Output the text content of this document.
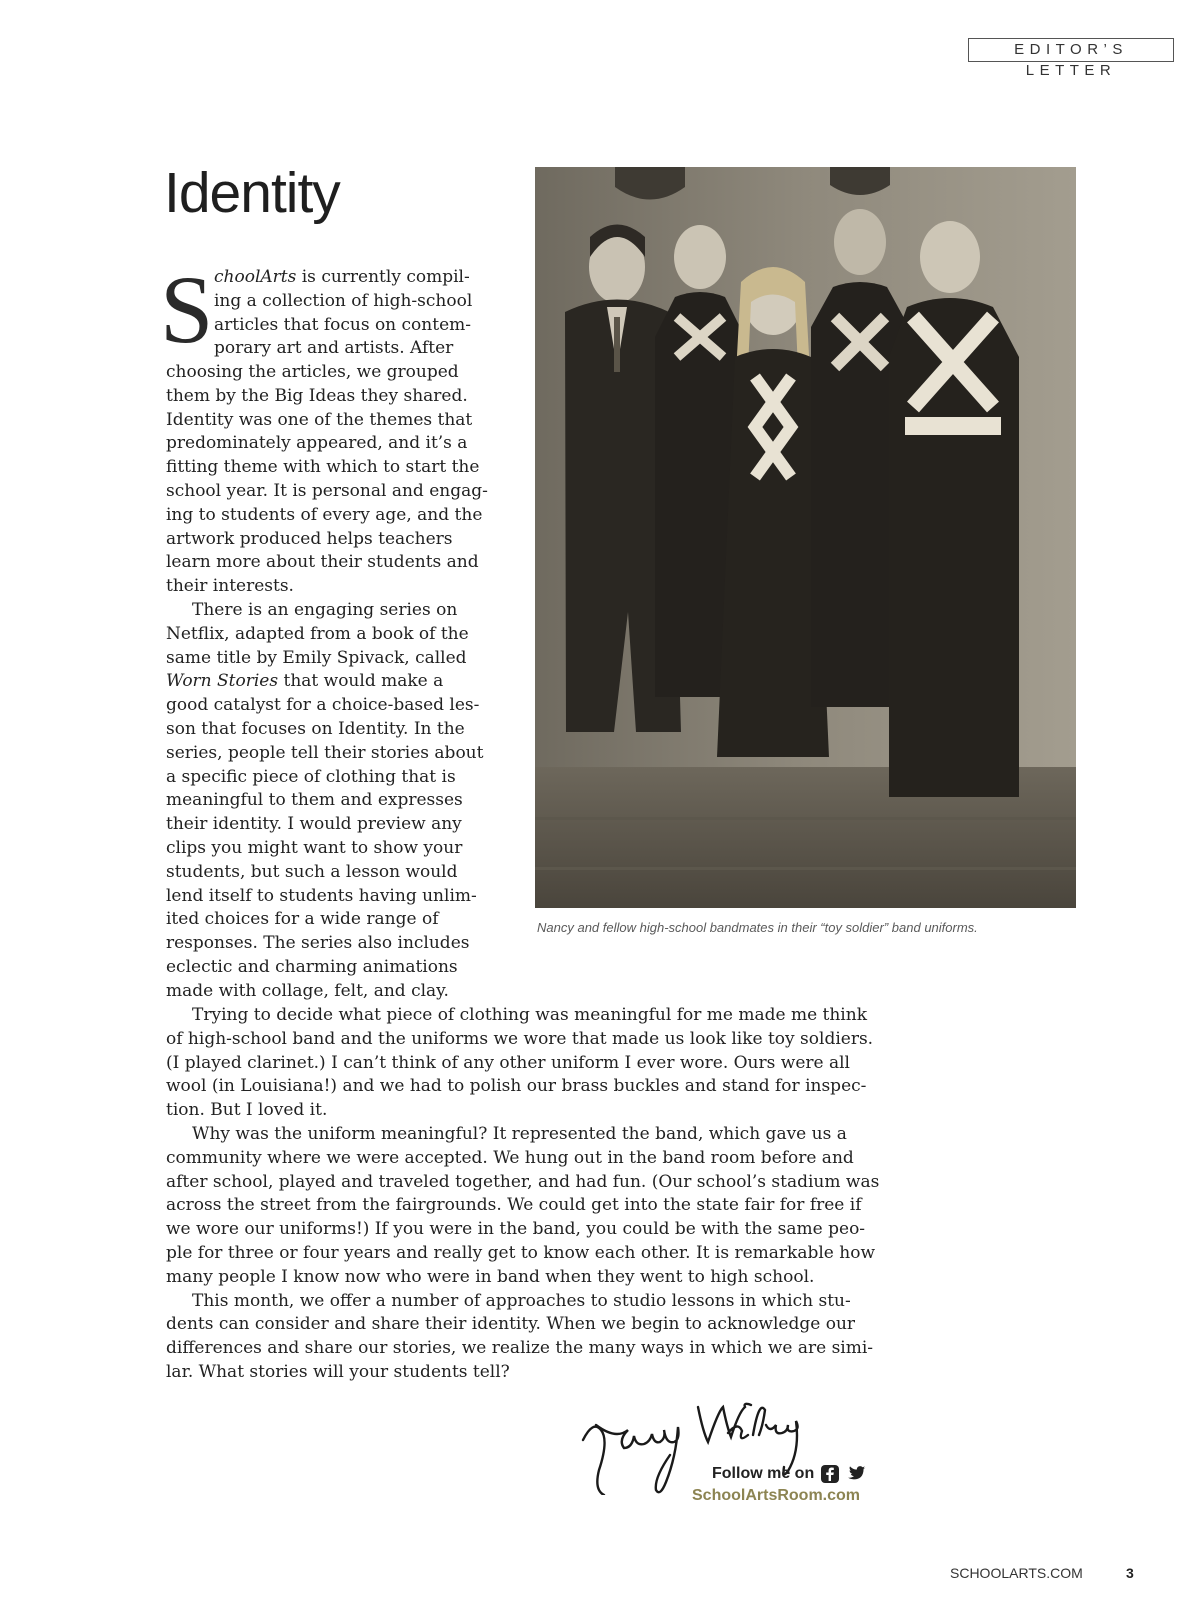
EDITOR’S LETTER
Identity
S choolArts is currently compil-
ing a collection of high-school
articles that focus on contem-
porary art and artists. After
choosing the articles, we grouped
them by the Big Ideas they shared.
Identity was one of the themes that
predominately appeared, and it’s a
fitting theme with which to start the
school year. It is personal and engag-
ing to students of every age, and the
artwork produced helps teachers
learn more about their students and
their interests.
There is an engaging series on
Netflix, adapted from a book of the
same title by Emily Spivack, called
Worn Stories that would make a
good catalyst for a choice-based les-
son that focuses on Identity. In the
series, people tell their stories about
a specific piece of clothing that is
meaningful to them and expresses
their identity. I would preview any
clips you might want to show your
students, but such a lesson would
lend itself to students having unlim-
ited choices for a wide range of
responses. The series also includes
eclectic and charming animations
made with collage, felt, and clay.
Trying to decide what piece of clothing was meaningful for me made me think
of high-school band and the uniforms we wore that made us look like toy soldiers.
(I played clarinet.) I can’t think of any other uniform I ever wore. Ours were all
wool (in Louisiana!) and we had to polish our brass buckles and stand for inspec-
tion. But I loved it.
Why was the uniform meaningful? It represented the band, which gave us a
community where we were accepted. We hung out in the band room before and
after school, played and traveled together, and had fun. (Our school’s stadium was
across the street from the fairgrounds. We could get into the state fair for free if
we wore our uniforms!) If you were in the band, you could be with the same peo-
ple for three or four years and really get to know each other. It is remarkable how
many people I know now who were in band when they went to high school.
This month, we offer a number of approaches to studio lessons in which stu-
dents can consider and share their identity. When we begin to acknowledge our
differences and share our stories, we realize the many ways in which we are simi-
lar. What stories will your students tell?
Nancy and fellow high-school bandmates in their “toy soldier” band uniforms.
Follow me on
SchoolArtsRoom.com
SCHOOLARTS.COM	3
